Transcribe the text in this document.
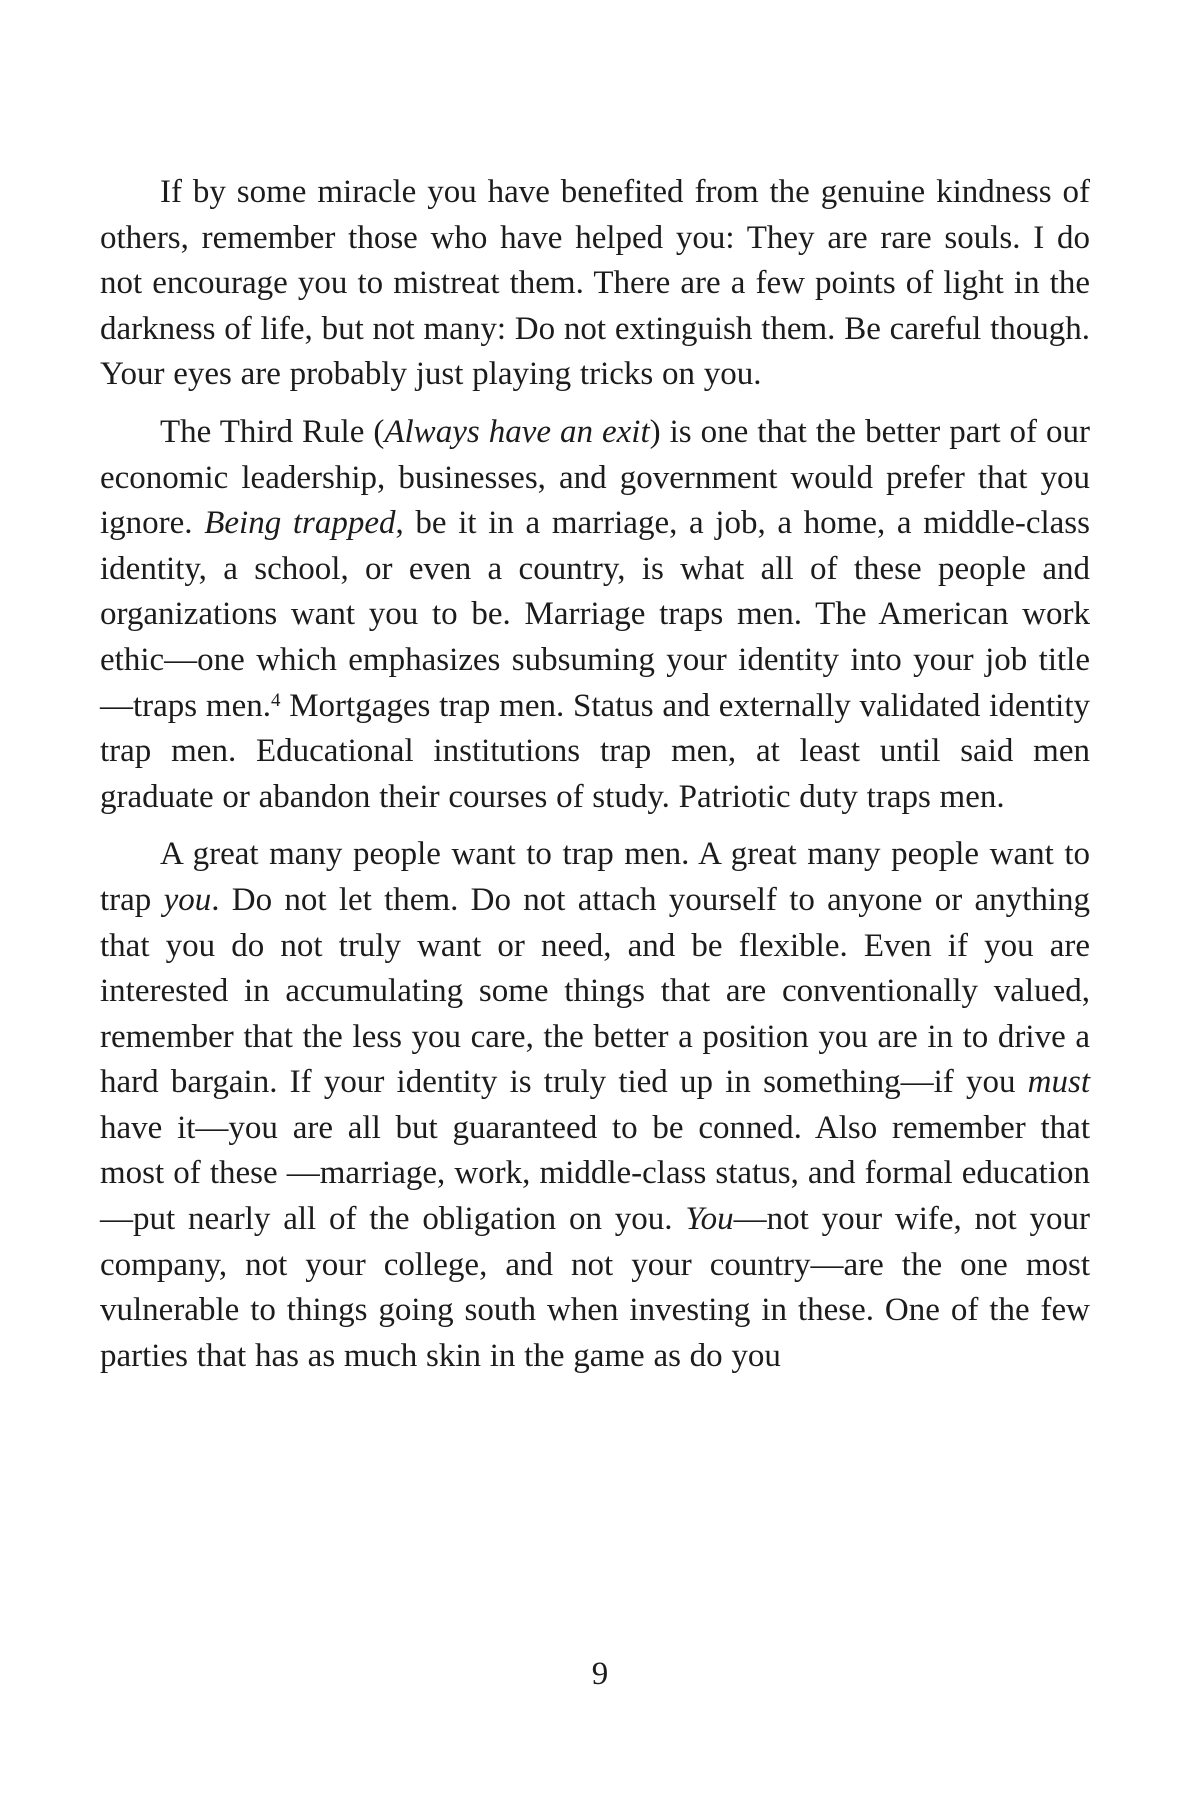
If by some miracle you have benefited from the genuine kindness of others, remember those who have helped you: They are rare souls. I do not encourage you to mistreat them. There are a few points of light in the darkness of life, but not many: Do not extinguish them. Be careful though. Your eyes are probably just playing tricks on you.

The Third Rule (Always have an exit) is one that the better part of our economic leadership, businesses, and government would prefer that you ignore. Being trapped, be it in a marriage, a job, a home, a middle-class identity, a school, or even a country, is what all of these people and organizations want you to be. Marriage traps men. The American work ethic—one which emphasizes subsuming your identity into your job title—traps men.$^4$ Mortgages trap men. Status and externally validated identity trap men. Educational institutions trap men, at least until said men graduate or abandon their courses of study. Patriotic duty traps men.

A great many people want to trap men. A great many people want to trap you. Do not let them. Do not attach yourself to anyone or anything that you do not truly want or need, and be flexible. Even if you are interested in accumulating some things that are conventionally valued, remember that the less you care, the better a position you are in to drive a hard bargain. If your identity is truly tied up in something—if you must have it—you are all but guaranteed to be conned. Also remember that most of these —marriage, work, middle-class status, and formal education—put nearly all of the obligation on you. You—not your wife, not your company, not your college, and not your country—are the one most vulnerable to things going south when investing in these. One of the few parties that has as much skin in the game as do you

9
